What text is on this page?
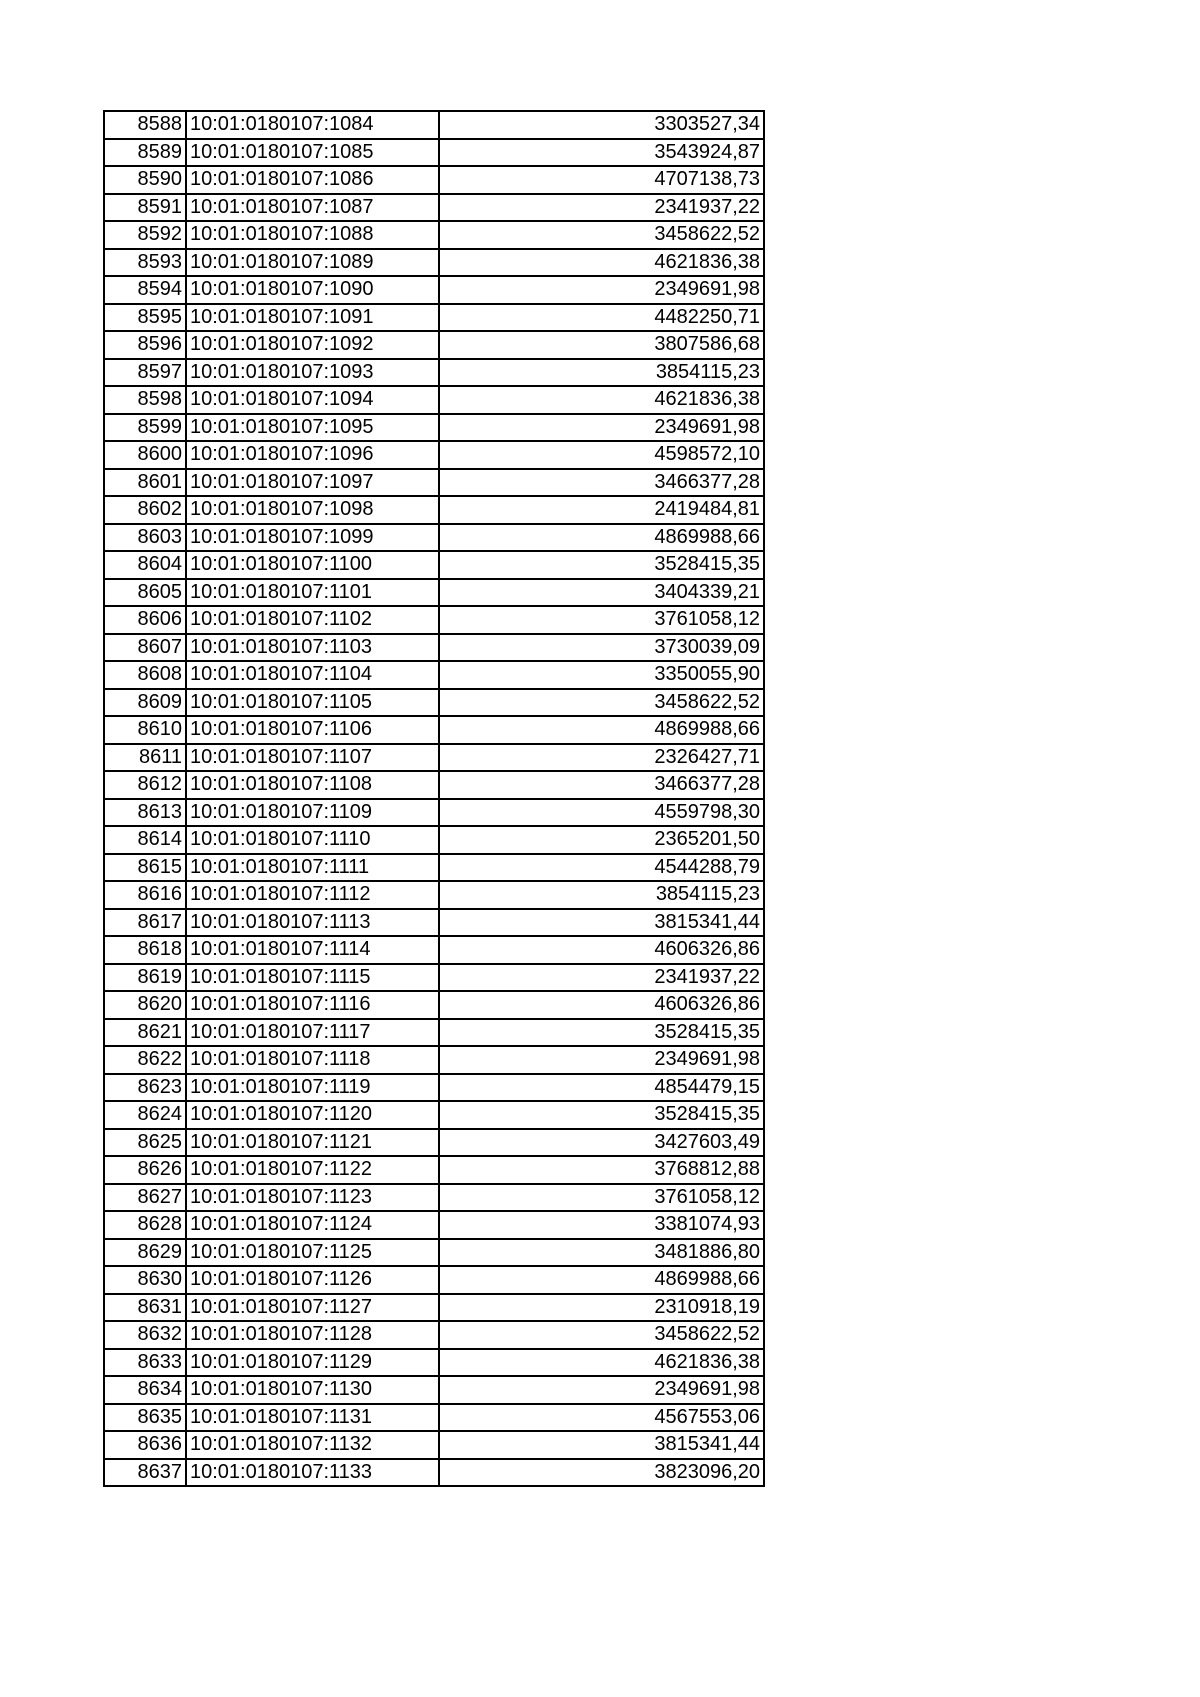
8588	10:01:0180107:1084	3303527,34
8589	10:01:0180107:1085	3543924,87
8590	10:01:0180107:1086	4707138,73
8591	10:01:0180107:1087	2341937,22
8592	10:01:0180107:1088	3458622,52
8593	10:01:0180107:1089	4621836,38
8594	10:01:0180107:1090	2349691,98
8595	10:01:0180107:1091	4482250,71
8596	10:01:0180107:1092	3807586,68
8597	10:01:0180107:1093	3854115,23
8598	10:01:0180107:1094	4621836,38
8599	10:01:0180107:1095	2349691,98
8600	10:01:0180107:1096	4598572,10
8601	10:01:0180107:1097	3466377,28
8602	10:01:0180107:1098	2419484,81
8603	10:01:0180107:1099	4869988,66
8604	10:01:0180107:1100	3528415,35
8605	10:01:0180107:1101	3404339,21
8606	10:01:0180107:1102	3761058,12
8607	10:01:0180107:1103	3730039,09
8608	10:01:0180107:1104	3350055,90
8609	10:01:0180107:1105	3458622,52
8610	10:01:0180107:1106	4869988,66
8611	10:01:0180107:1107	2326427,71
8612	10:01:0180107:1108	3466377,28
8613	10:01:0180107:1109	4559798,30
8614	10:01:0180107:1110	2365201,50
8615	10:01:0180107:1111	4544288,79
8616	10:01:0180107:1112	3854115,23
8617	10:01:0180107:1113	3815341,44
8618	10:01:0180107:1114	4606326,86
8619	10:01:0180107:1115	2341937,22
8620	10:01:0180107:1116	4606326,86
8621	10:01:0180107:1117	3528415,35
8622	10:01:0180107:1118	2349691,98
8623	10:01:0180107:1119	4854479,15
8624	10:01:0180107:1120	3528415,35
8625	10:01:0180107:1121	3427603,49
8626	10:01:0180107:1122	3768812,88
8627	10:01:0180107:1123	3761058,12
8628	10:01:0180107:1124	3381074,93
8629	10:01:0180107:1125	3481886,80
8630	10:01:0180107:1126	4869988,66
8631	10:01:0180107:1127	2310918,19
8632	10:01:0180107:1128	3458622,52
8633	10:01:0180107:1129	4621836,38
8634	10:01:0180107:1130	2349691,98
8635	10:01:0180107:1131	4567553,06
8636	10:01:0180107:1132	3815341,44
8637	10:01:0180107:1133	3823096,20
